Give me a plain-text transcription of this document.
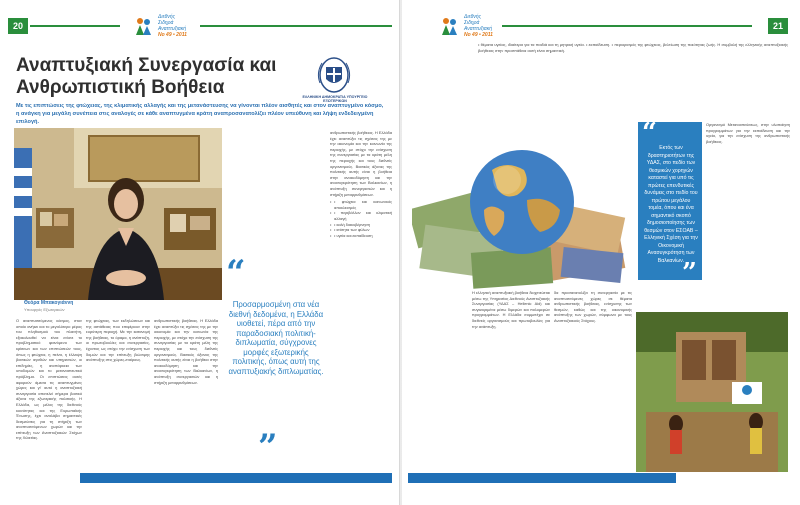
20
Διεθνής
Σιδηρά
Αναπτυξιακή
Nο 49 • 2011
Αναπτυξιακή Συνεργασία και Ανθρωπιστική Βοήθεια	ΕΛΛΗΝΙΚΗ ΔΗΜΟΚΡΑΤΙΑ ΥΠΟΥΡΓΕΙΟ ΕΞΩΤΕΡΙΚΩΝ

Με τις επιπτώσεις της φτώχειας, της κλιματικής αλλαγής και της μετανάστευσης να γίνονται πλέον αισθητές και στον αναπτυγμένο κόσμο, η ανάγκη για μεγάλη συνέπεια στις αναλογές σε κάθε αναπτυγμένα κράτη αναπροσανατολίζει πλέον υπεύθυνη και λήψη ενδεδειγμένη επιλογή.

Θεόρα Μπακογιάννη
Υπουργός Εξωτερικών
“
Προσαρμοσμένη στα νέα διεθνή δεδομένα, η Ελλάδα υιοθετεί, πέρα από την παραδοσιακή πολιτική-διπλωματία, σύγχρονες μορφές εξωτερικής πολιτικής, όπως αυτή της αναπτυξιακής διπλωματίας.
”

Ο αναπτυσσόμενος κόσμος, στον οποίο ανήκει και το μεγαλύτερο μέρος του πληθυσμού του πλανήτη, εξακολουθεί να είναι ενίοτε το προβληματικό φαινόμενο των κρίσεων και των επιπτώσεών τους, όπως η φτώχεια, η πείνα, η έλλειψη βασικών αγαθών και υπηρεσιών, οι επιδημίες, η ανεπάρκεια των υποδομών και το μεταναστευτικό πρόβλημα. Οι επιπτώσεις αυτές αφορούν άμεσα τις αναπτυγμένες χώρες και γι' αυτό η αναπτυξιακή συνεργασία αποτελεί σήμερα βασικό άξονα της εξωτερικής πολιτικής. Η Ελλάδα, ως μέλος της διεθνούς κοινότητας και της Ευρωπαϊκής Ένωσης, έχει αναλάβει σημαντικές δεσμεύσεις για τη στήριξη των αναπτυσσόμενων χωρών και την επίτευξη των Αναπτυξιακών Στόχων της Χιλιετίας.

της φτώχειας, των εκδηλώσεων και της αστάθειας που επιφέρουν στην ευρύτερη περιοχή. Με την κατανομή της βοήθειας, το όραμα, η ανάπτυξη, οι πρωτοβουλίες και συνεργασίες, έχοντας ως στόχο την ενίσχυση των δομών και την επίτευξη βιώσιμης ανάπτυξης στις χώρες-εταίρους.

ανθρωπιστικής βοήθειας. Η Ελλάδα έχει αναπτύξει τις σχέσεις της με την οικονομία και την κοινωνία της περιοχής, με στόχο την ενίσχυση της συνεργασίας με τα κράτη μέλη της περιοχής και τους διεθνείς οργανισμούς. Βασικός άξονας της πολιτικής αυτής είναι η βοήθεια στην ανοικοδόμηση και την ανασυγκρότηση των Βαλκανίων, η ανάπτυξη συνεργασιών και η στήριξη μεταρρυθμίσεων.

ανθρωπιστικής βοήθειας. Η Ελλάδα έχει αναπτύξει τις σχέσεις της με την οικονομία και την κοινωνία της περιοχής, με στόχο την ενίσχυση της συνεργασίας με τα κράτη μέλη της περιοχής και τους διεθνείς οργανισμούς. Βασικός άξονας της πολιτικής αυτής είναι η βοήθεια στην ανοικοδόμηση και την ανασυγκρότηση των Βαλκανίων, η ανάπτυξη συνεργασιών και η στήριξη μεταρρυθμίσεων.

• • φτώχεια και κοινωνικός αποκλεισμός
• • περιβάλλον και κλιματική αλλαγή
• • καλή διακυβέρνηση
• • ισότητα των φύλων
• • υγεία και εκπαίδευση
Διεθνής
Σιδηρά
Αναπτυξιακή
Nο 49 • 2011
21

• θέματα υγείας, ιδιαίτερα για τα παιδιά και τη μητρική υγεία. • εκπαίδευση. • περιορισμός της φτώχειας, βελτίωση της ποιότητας ζωής. Η συμβολή της ελληνικής αναπτυξιακής βοήθειας στην προσπάθεια αυτή είναι σημαντική.

Η ελληνική αναπτυξιακή βοήθεια διοχετεύεται μέσω της Υπηρεσίας Διεθνούς Αναπτυξιακής Συνεργασίας (ΥΔΑΣ – Hellenic Aid) και συγκεκριμένα μέσω διμερών και πολυμερών προγραμμάτων. Η Ελλάδα συμμετέχει σε διεθνείς οργανισμούς και πρωτοβουλίες για την ανάπτυξη.

δα προσανατολίζει τη συνεργασία με τις αναπτυσσόμενες χώρες σε θέματα ανθρωπιστικής βοήθειας, ενίσχυσης των θεσμών, καθώς και της οικονομικής ανάπτυξης των χωρών, σύμφωνα με τους Αναπτυξιακούς Στόχους.

“ Εκτός των δραστηριοτήτων της ΥΔΑΣ, στο πεδίο των θεσμικών χορηγών καταστεί για υπό τις πρώτες επενδυτικές δυνάμεις στο πεδίο του πρώτου μεγάλου τομέα, όπου και ένα σημαντικό σκοπό δημοσιοποίησης των θεσμών στον ΕΣΟΑΒ – Ελληνική Σχέση για την Οικονομική Ανασυγκρότηση των Βαλκανίων.
”

Οργανισμό Μεταναστεύσεως, στην υλοποίηση προγραμμάτων για την εκπαίδευση και την υγεία, για την ενίσχυση της ανθρωπιστικής βοήθειας.
